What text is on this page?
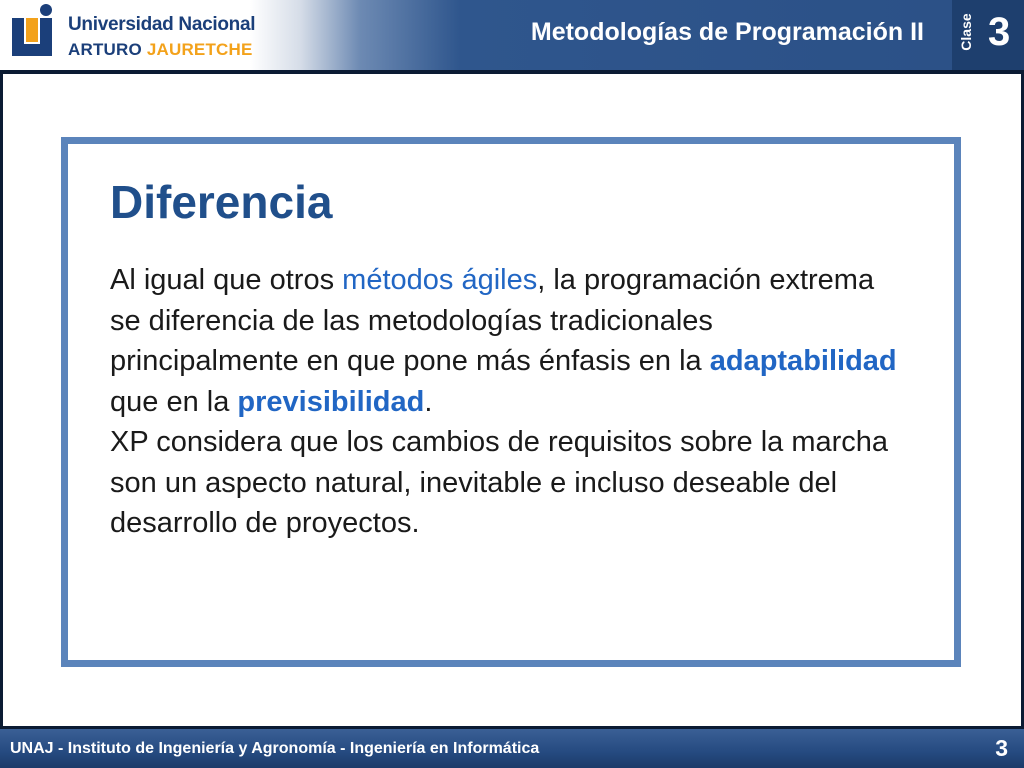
Universidad Nacional
ARTURO JAURETCHE
Metodologías de Programación II Clase 3
Diferencia

Al igual que otros métodos ágiles, la programación extrema se diferencia de las metodologías tradicionales principalmente en que pone más énfasis en la adaptabilidad que en la previsibilidad.

XP considera que los cambios de requisitos sobre la marcha son un aspecto natural, inevitable e incluso deseable del desarrollo de proyectos.

UNAJ - Instituto de Ingeniería y Agronomía - Ingeniería en Informática	3
